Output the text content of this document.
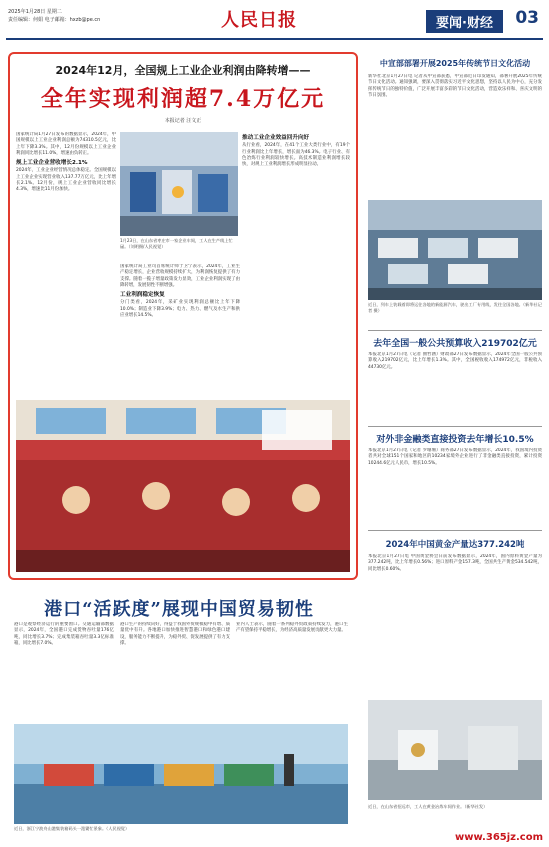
2025年1月28日 星期二
责任编辑：何娟 电子邮箱：hxzb@pe.cn	人民日报	要闻·财经	03
2024年12月，全国规上工业企业利润由降转增——
全年实现利润超7.4万亿元
本报记者 汪文正

国家统计局1月27日发布的数据显示，2024年，中国规模以上工业企业利润总额为74310.5亿元，比上年下降3.3%。其中，12月份规模以上工业企业利润同比增长11.0%，增速由负转正。

规上工业企业营收增长2.1%

2024年，工业企业经营情况总体稳定。全国规模以上工业企业实现营业收入137.77万亿元，比上年增长2.1%。12月份，规上工业企业营收同比增长4.3%，增速比11月份加快。

1月23日，在山东省枣庄市一家企业车间，工人在生产线上忙碌。（刘明摄/人民视觉）
推动工业企业效益回升向好

从行业看，2024年，在41个工业大类行业中，有19个行业利润比上年增长，增长面为46.3%。电子行业、有色冶炼行业利润较快增长。高技术制造业利润增长较快，对规上工业利润增长形成明显拉动。

国家统计局工业司首席统计师于卫宁表示，2024年，工业生产稳定增长，企业营收规模持续扩大，为利润恢复提供了有力支撑。随着一揽子增量政策发力显效，工业企业利润实现了由降转增，发展韧性不断增强。

工业利润稳定恢复

分门类看，2024年，采矿业实现利润总额比上年下降10.0%；制造业下降3.9%；电力、热力、燃气及水生产和供应业增长14.5%。

中宣部部署开展2025年传统节日文化活动
新华社北京1月27日电 记者从中宣部获悉，中宣部近日印发通知，部署开展2025年传统节日文化活动。通知强调，要深入贯彻落实习近平文化思想，坚持以人民为中心，充分发挥传统节日的独特价值，广泛开展丰富多彩的节日文化活动，营造欢乐祥和、喜庆文明的节日氛围。
近日，列车上装载着即将运往各地的新能源汽车，驶出工厂专用线，发往全国各地。（新华社记者 摄）
去年全国一般公共预算收入219702亿元
本报北京1月27日电（记者 曲哲涵）财政部27日发布数据显示，2024年全国一般公共预算收入219702亿元，比上年增长1.3%。其中，全国税收收入174972亿元，非税收入44730亿元。
对外非金融类直接投资去年增长10.5%
本报北京1月27日电（记者 罗珊珊）商务部27日发布数据显示，2024年，我国境内投资者共对全球151个国家和地区的10234家境外企业进行了非金融类直接投资，累计投资10244.6亿元人民币，增长10.5%。
2024年中国黄金产量达377.242吨
本报北京1月27日电 中国黄金协会日前发布数据显示，2024年，国内原料黄金产量为377.242吨，比上年增长0.56%；进口原料产金157.3吨，全国共生产黄金534.542吨，同比增长0.60%。
近日，在山东省招远市，工人在黄金冶炼车间作业。（新华社发）
港口“活跃度”展现中国贸易韧性
港口是观察经济运行的重要窗口。交通运输部数据显示，2024年，全国港口完成货物吞吐量176亿吨，同比增长3.7%；完成集装箱吞吐量3.3亿标准箱，同比增长7.0%。
港口生产的持续向好，得益于我国外贸规模稳中有增、质量优中有升。各地港口加快推进智慧港口和绿色港口建设，服务能力不断提升，为稳外贸、促发展提供了有力支撑。
业内人士表示，随着一系列稳外贸政策持续发力，港口生产有望保持平稳增长，为经济高质量发展贡献更大力量。
近日，浙江宁波舟山港集装箱码头一派繁忙景象。（人民视觉）
www.365jz.com
